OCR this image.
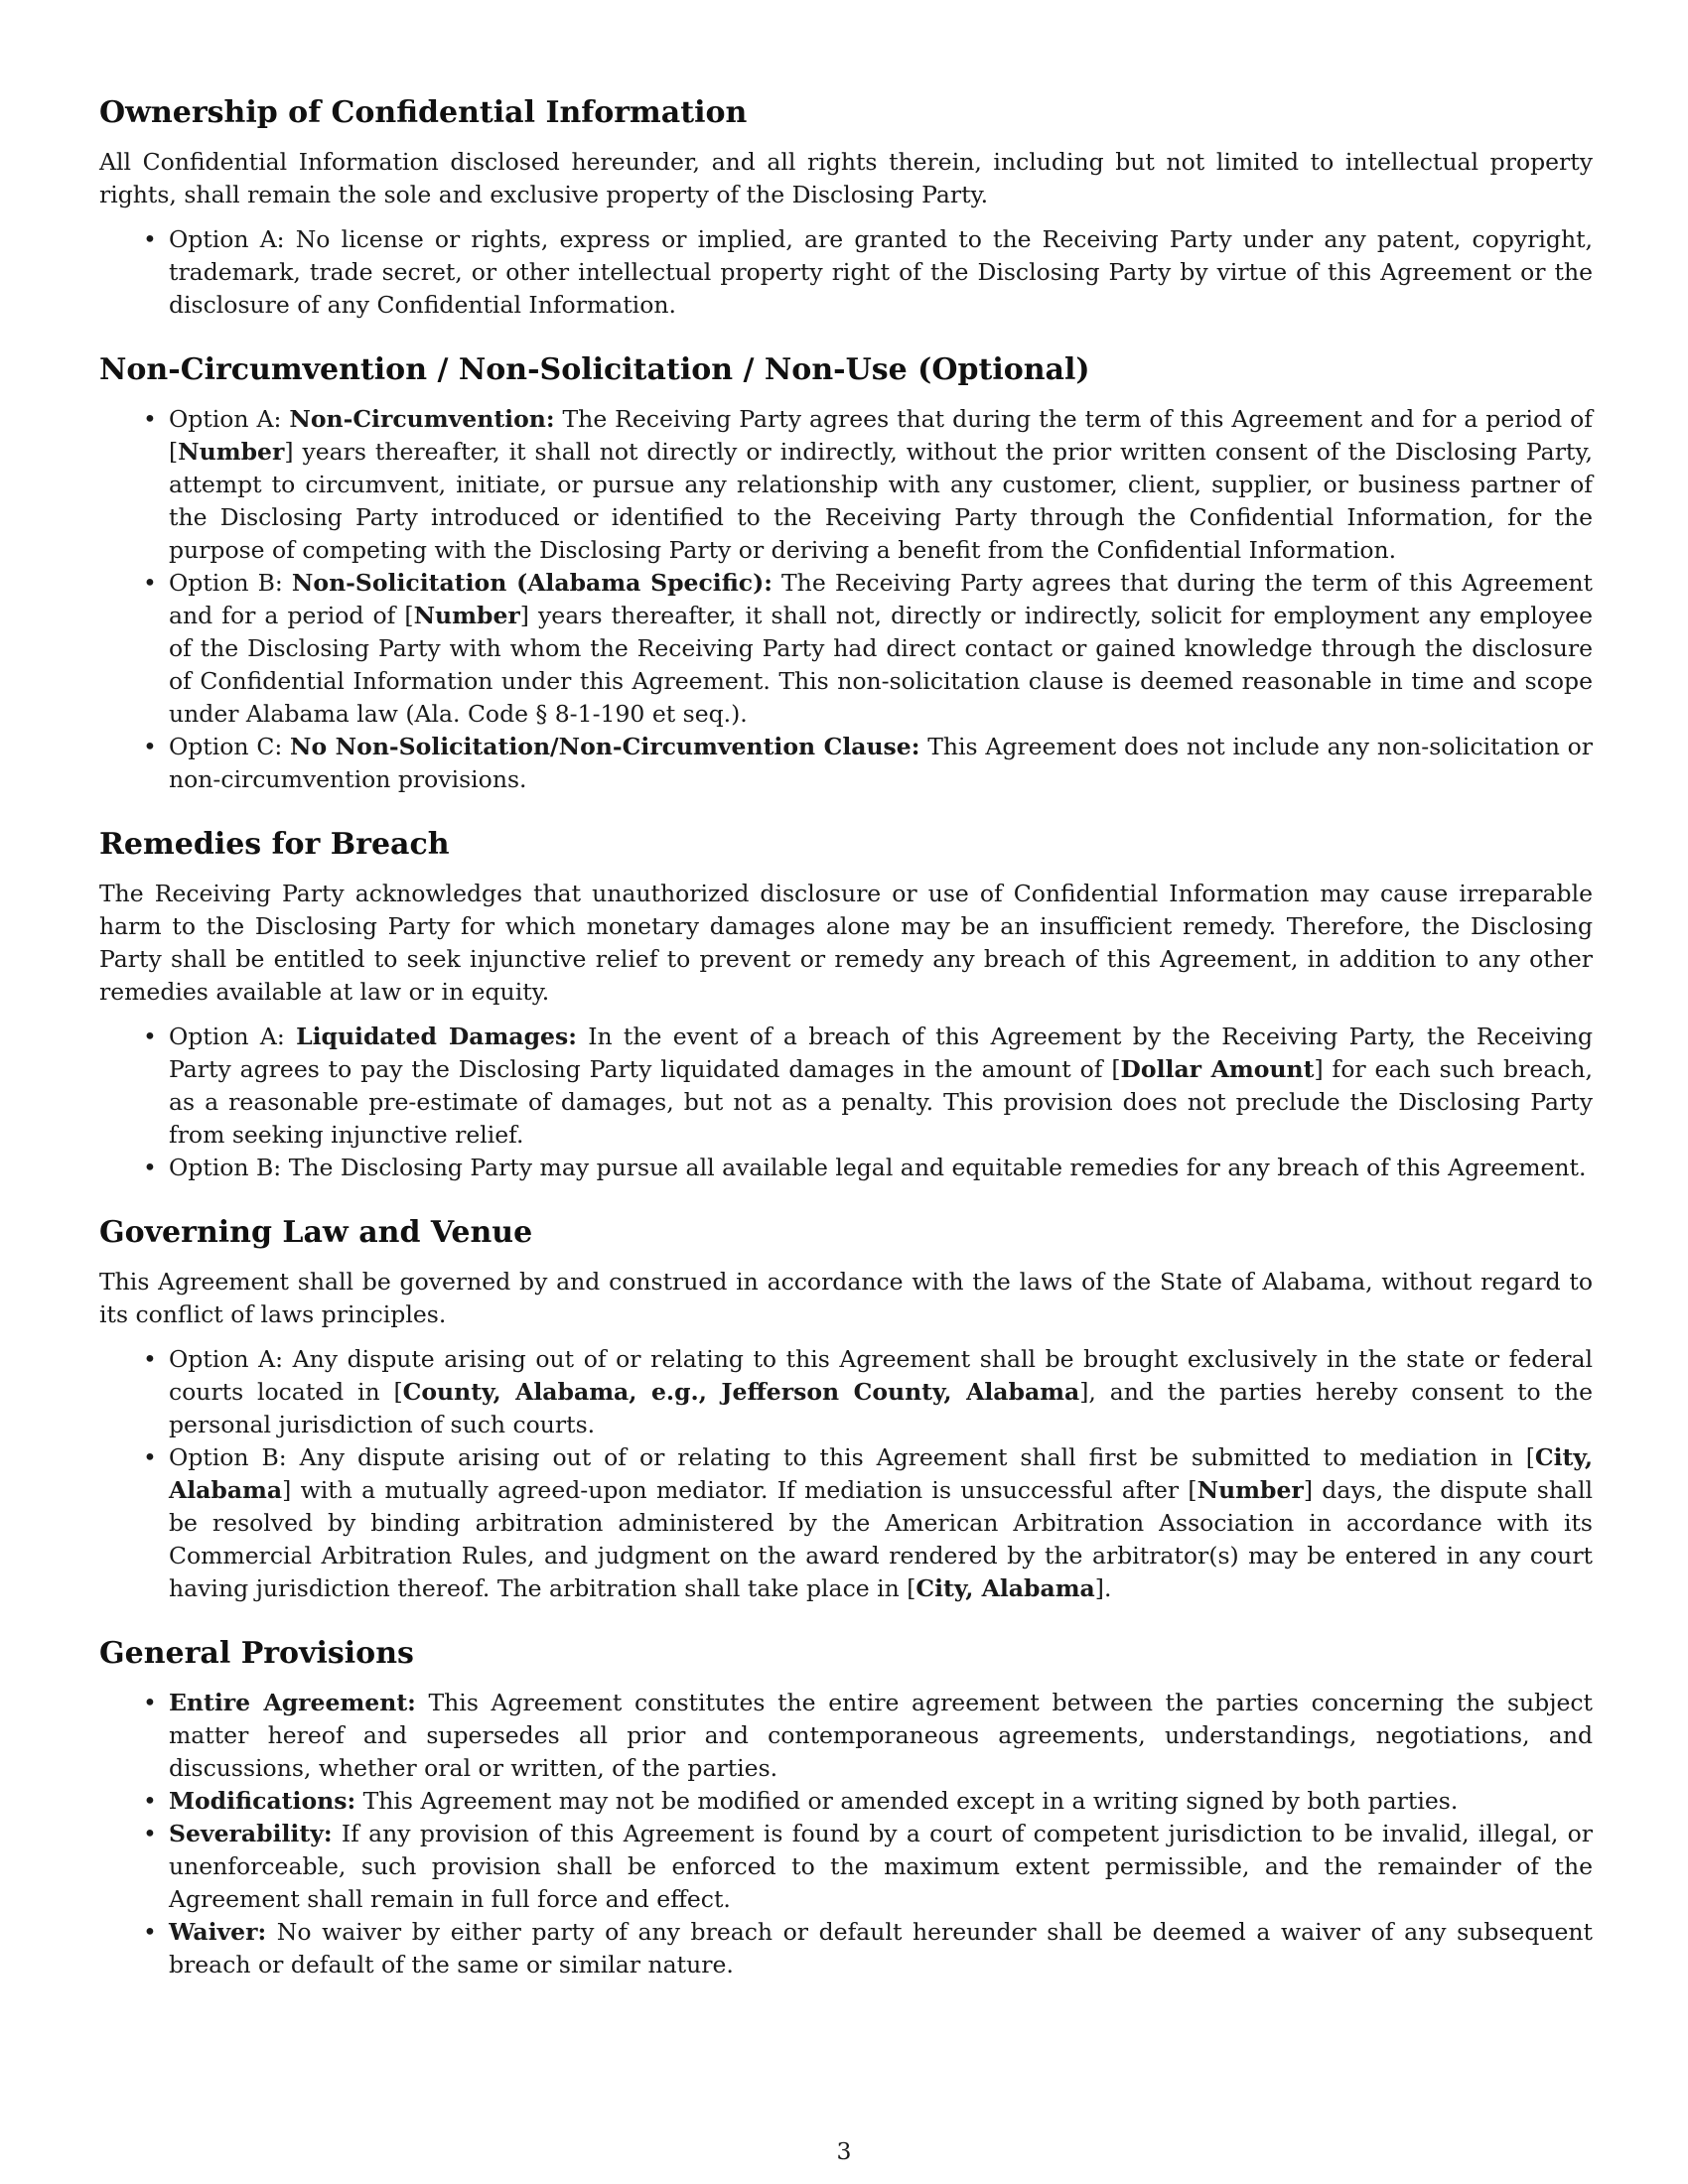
Ownership of Confidential Information

All Confidential Information disclosed hereunder, and all rights therein, including but not limited to intellectual property rights, shall remain the sole and exclusive property of the Disclosing Party.

• Option A: No license or rights, express or implied, are granted to the Receiving Party under any patent, copyright, trademark, trade secret, or other intellectual property right of the Disclosing Party by virtue of this Agreement or the disclosure of any Confidential Information.
Non-Circumvention / Non-Solicitation / Non-Use (Optional)
• Option A: Non-Circumvention: The Receiving Party agrees that during the term of this Agreement and for a period of [Number] years thereafter, it shall not directly or indirectly, without the prior written consent of the Disclosing Party, attempt to circumvent, initiate, or pursue any relationship with any customer, client, supplier, or business partner of the Disclosing Party introduced or identified to the Receiving Party through the Confidential Information, for the purpose of competing with the Disclosing Party or deriving a benefit from the Confidential Information.
• Option B: Non-Solicitation (Alabama Specific): The Receiving Party agrees that during the term of this Agreement and for a period of [Number] years thereafter, it shall not, directly or indirectly, solicit for employment any employee of the Disclosing Party with whom the Receiving Party had direct contact or gained knowledge through the disclosure of Confidential Information under this Agreement. This non-solicitation clause is deemed reasonable in time and scope under Alabama law (Ala. Code § 8-1-190 et seq.).
• Option C: No Non-Solicitation/Non-Circumvention Clause: This Agreement does not include any non-solicitation or non-circumvention provisions.
Remedies for Breach

The Receiving Party acknowledges that unauthorized disclosure or use of Confidential Information may cause irreparable harm to the Disclosing Party for which monetary damages alone may be an insufficient remedy. Therefore, the Disclosing Party shall be entitled to seek injunctive relief to prevent or remedy any breach of this Agreement, in addition to any other remedies available at law or in equity.

• Option A: Liquidated Damages: In the event of a breach of this Agreement by the Receiving Party, the Receiving Party agrees to pay the Disclosing Party liquidated damages in the amount of [Dollar Amount] for each such breach, as a reasonable pre-estimate of damages, but not as a penalty. This provision does not preclude the Disclosing Party from seeking injunctive relief.
• Option B: The Disclosing Party may pursue all available legal and equitable remedies for any breach of this Agreement.
Governing Law and Venue

This Agreement shall be governed by and construed in accordance with the laws of the State of Alabama, without regard to its conflict of laws principles.

• Option A: Any dispute arising out of or relating to this Agreement shall be brought exclusively in the state or federal courts located in [County, Alabama, e.g., Jefferson County, Alabama], and the parties hereby consent to the personal jurisdiction of such courts.
• Option B: Any dispute arising out of or relating to this Agreement shall first be submitted to mediation in [City, Alabama] with a mutually agreed-upon mediator. If mediation is unsuccessful after [Number] days, the dispute shall be resolved by binding arbitration administered by the American Arbitration Association in accordance with its Commercial Arbitration Rules, and judgment on the award rendered by the arbitrator(s) may be entered in any court having jurisdiction thereof. The arbitration shall take place in [City, Alabama].
General Provisions
• Entire Agreement: This Agreement constitutes the entire agreement between the parties concerning the subject matter hereof and supersedes all prior and contemporaneous agreements, understandings, negotiations, and discussions, whether oral or written, of the parties.
• Modifications: This Agreement may not be modified or amended except in a writing signed by both parties.
• Severability: If any provision of this Agreement is found by a court of competent jurisdiction to be invalid, illegal, or unenforceable, such provision shall be enforced to the maximum extent permissible, and the remainder of the Agreement shall remain in full force and effect.
• Waiver: No waiver by either party of any breach or default hereunder shall be deemed a waiver of any subsequent breach or default of the same or similar nature.
3
